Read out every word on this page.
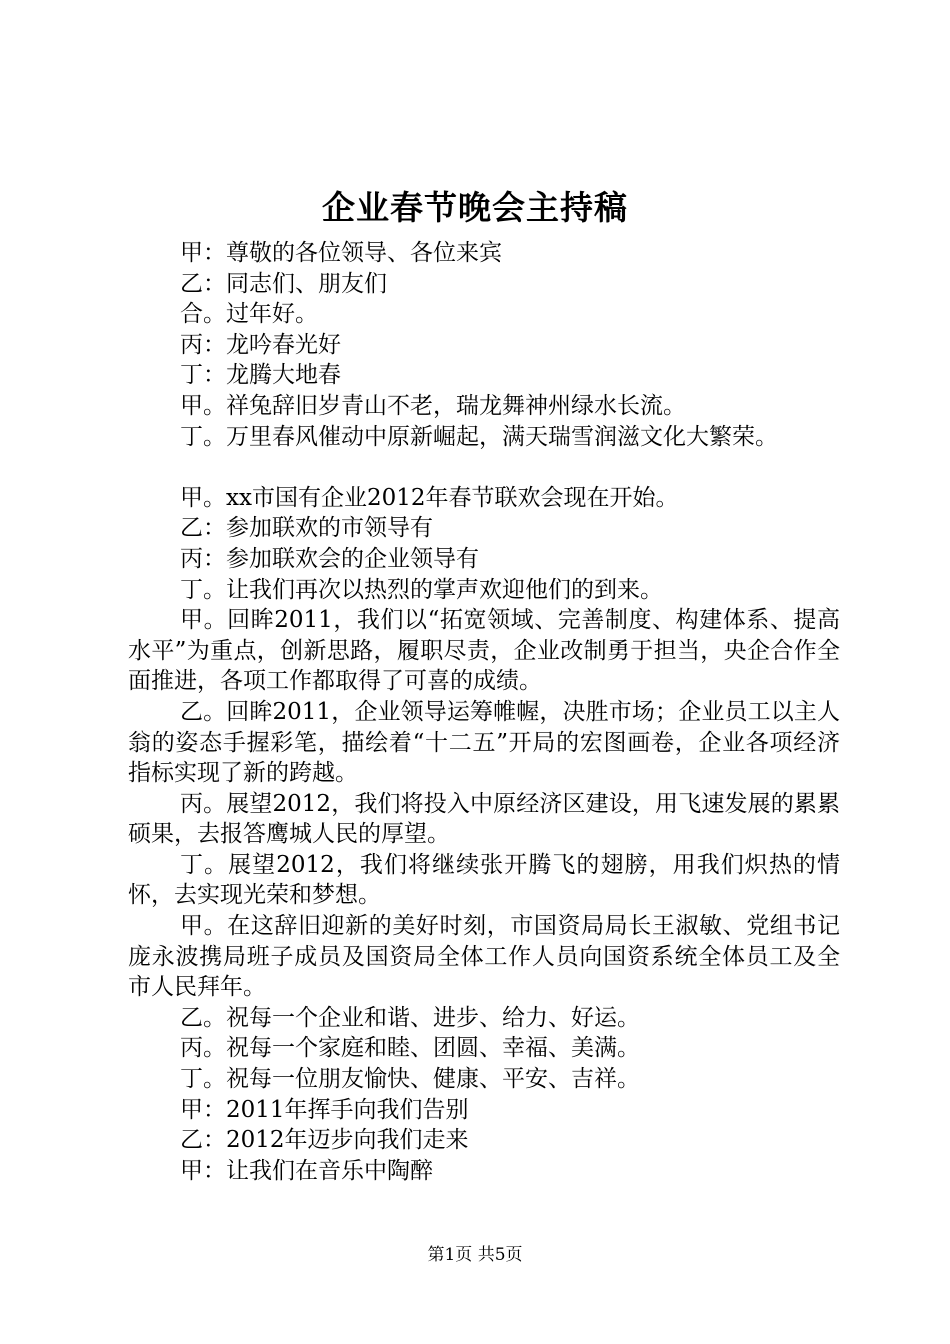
企业春节晚会主持稿

甲：尊敬的各位领导、各位来宾

乙：同志们、朋友们

合。过年好。

丙：龙吟春光好

丁：龙腾大地春

甲。祥兔辞旧岁青山不老，瑞龙舞神州绿水长流。

丁。万里春风催动中原新崛起，满天瑞雪润滋文化大繁荣。

甲。xx市国有企业2012年春节联欢会现在开始。

乙：参加联欢的市领导有

丙：参加联欢会的企业领导有

丁。让我们再次以热烈的掌声欢迎他们的到来。

甲。回眸2011，我们以“拓宽领域、完善制度、构建体系、提高水平”为重点，创新思路，履职尽责，企业改制勇于担当，央企合作全面推进，各项工作都取得了可喜的成绩。

乙。回眸2011，企业领导运筹帷幄，决胜市场；企业员工以主人翁的姿态手握彩笔，描绘着“十二五”开局的宏图画卷，企业各项经济指标实现了新的跨越。

丙。展望2012，我们将投入中原经济区建设，用飞速发展的累累硕果，去报答鹰城人民的厚望。

丁。展望2012，我们将继续张开腾飞的翅膀，用我们炽热的情怀，去实现光荣和梦想。

甲。在这辞旧迎新的美好时刻，市国资局局长王淑敏、党组书记庞永波携局班子成员及国资局全体工作人员向国资系统全体员工及全市人民拜年。

乙。祝每一个企业和谐、进步、给力、好运。

丙。祝每一个家庭和睦、团圆、幸福、美满。

丁。祝每一位朋友愉快、健康、平安、吉祥。

甲：2011年挥手向我们告别

乙：2012年迈步向我们走来

甲：让我们在音乐中陶醉

第1页 共5页
